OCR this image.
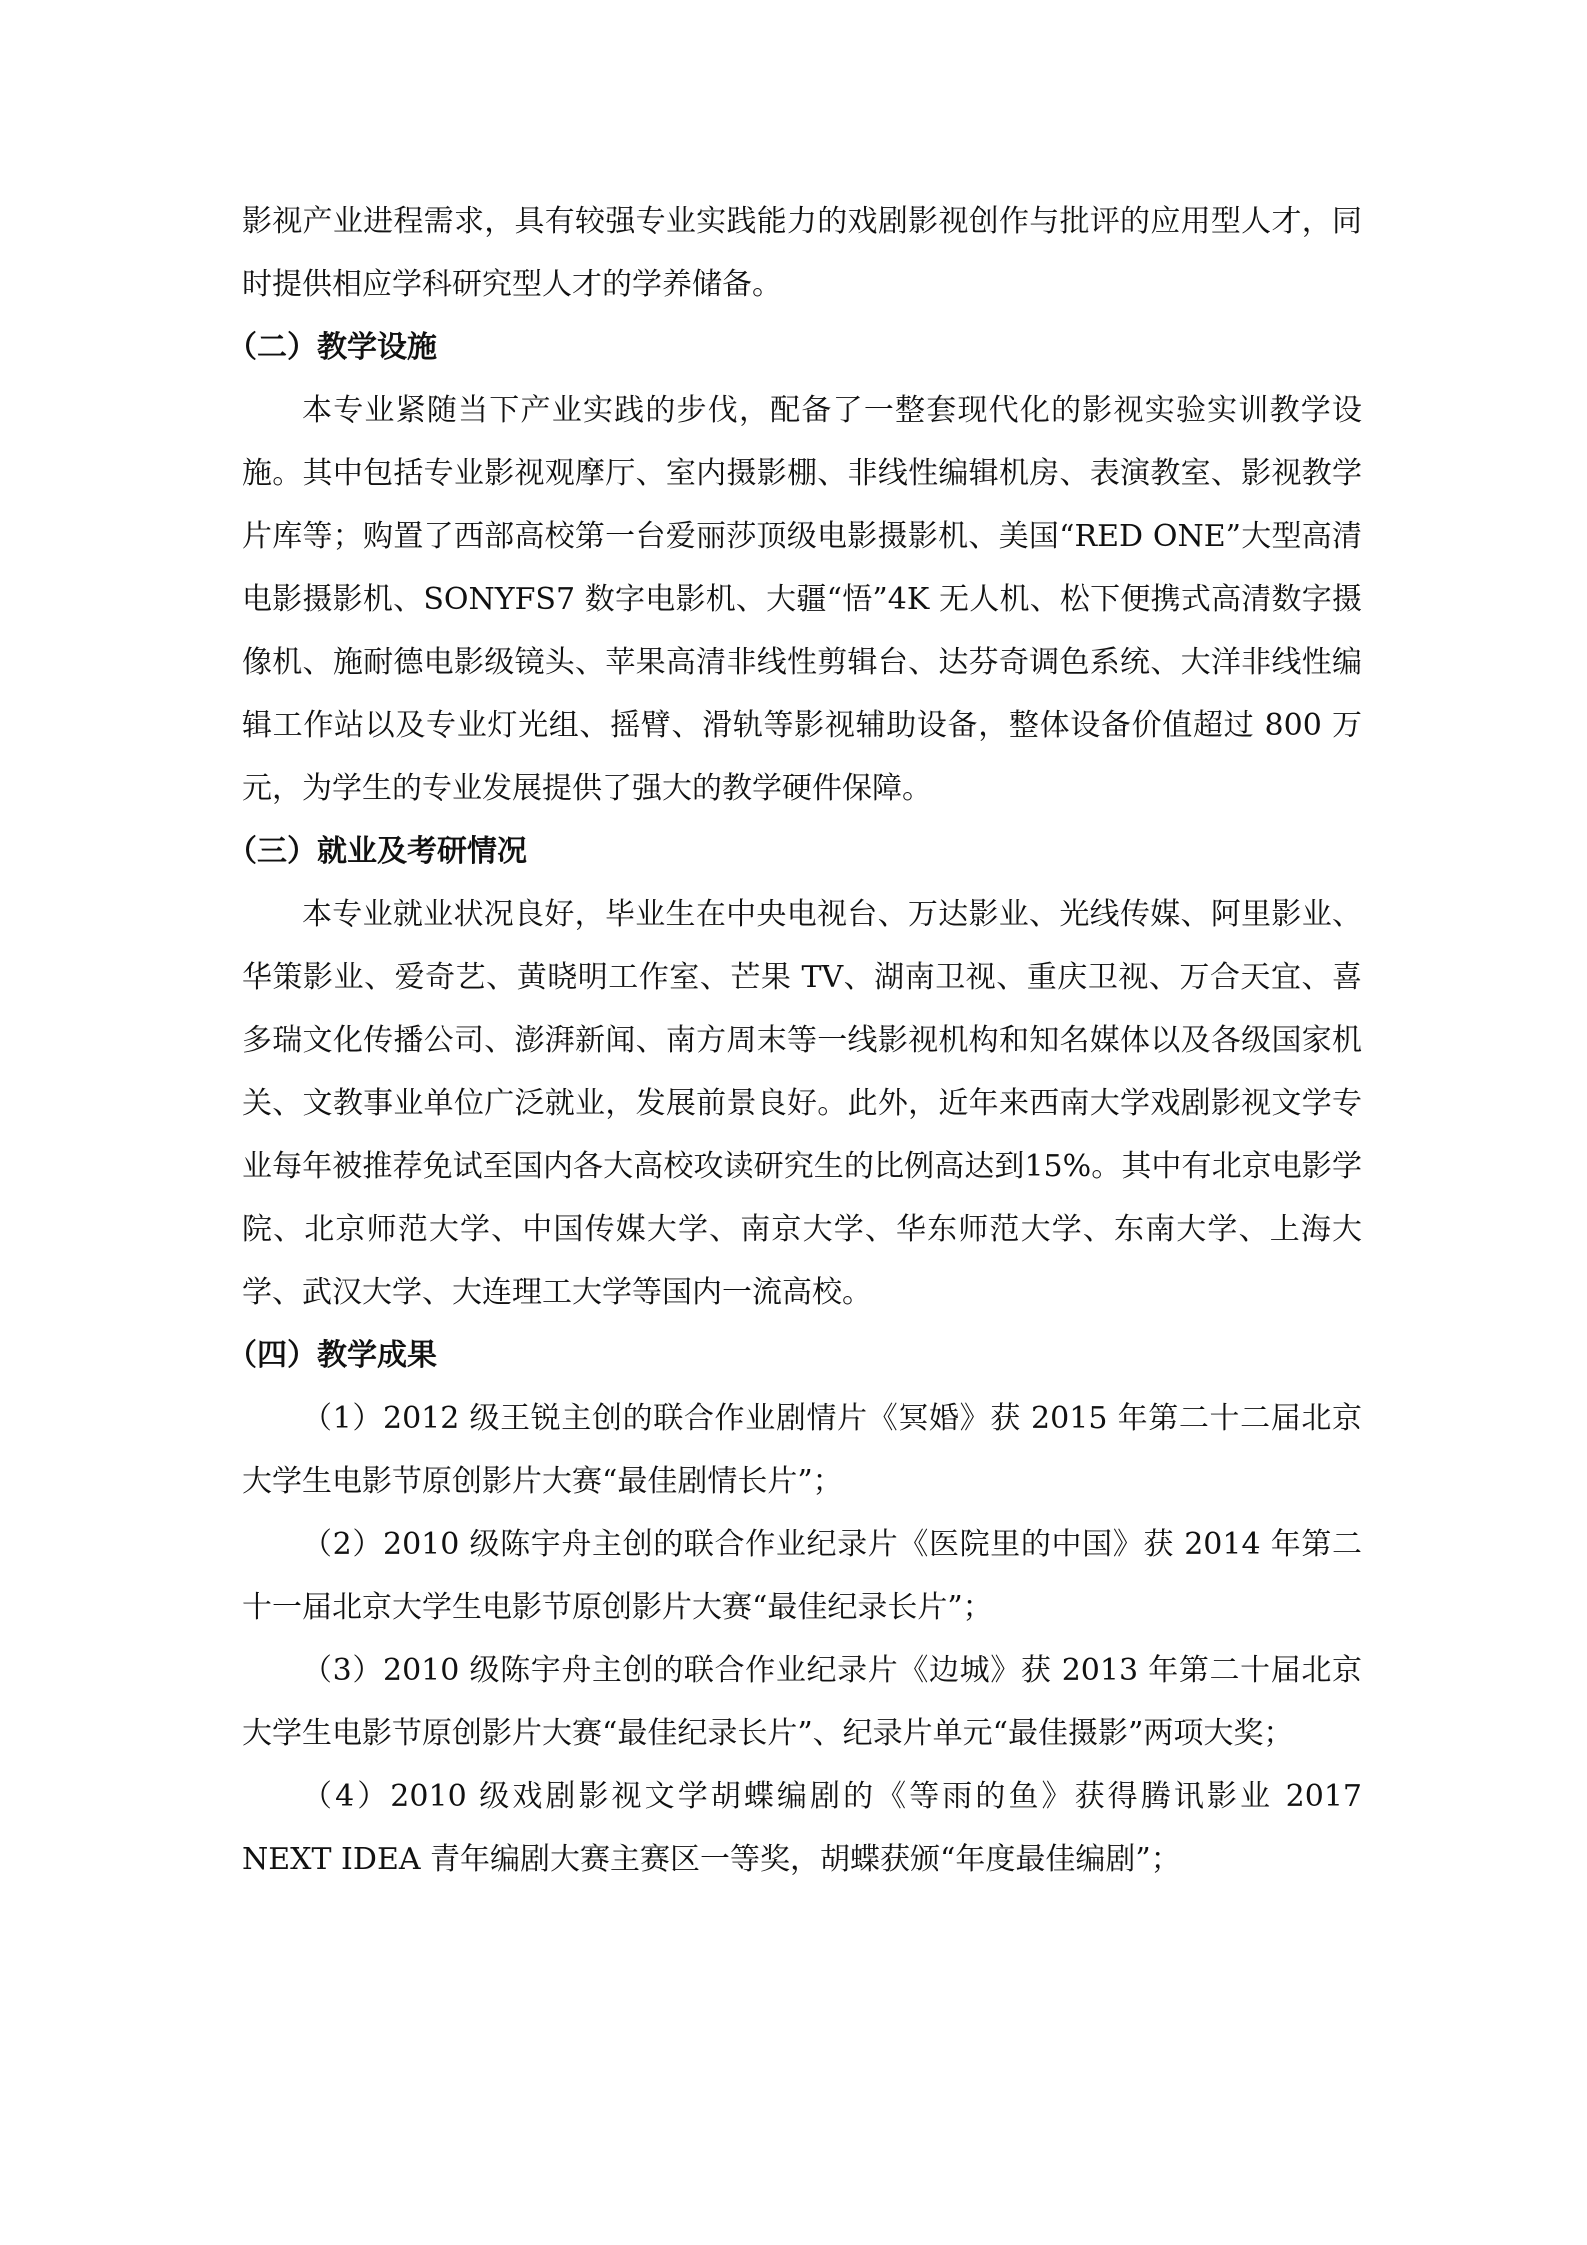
影视产业进程需求，具有较强专业实践能力的戏剧影视创作与批评的应用型人才，同时提供相应学科研究型人才的学养储备。

（二）教学设施

本专业紧随当下产业实践的步伐，配备了一整套现代化的影视实验实训教学设施。其中包括专业影视观摩厅、室内摄影棚、非线性编辑机房、表演教室、影视教学片库等；购置了西部高校第一台爱丽莎顶级电影摄影机、美国“RED ONE”大型高清电影摄影机、SONYFS7 数字电影机、大疆“悟”4K 无人机、松下便携式高清数字摄像机、施耐德电影级镜头、苹果高清非线性剪辑台、达芬奇调色系统、大洋非线性编辑工作站以及专业灯光组、摇臂、滑轨等影视辅助设备，整体设备价值超过 800 万元，为学生的专业发展提供了强大的教学硬件保障。

（三）就业及考研情况

本专业就业状况良好，毕业生在中央电视台、万达影业、光线传媒、阿里影业、华策影业、爱奇艺、黄晓明工作室、芒果 TV、湖南卫视、重庆卫视、万合天宜、喜多瑞文化传播公司、澎湃新闻、南方周末等一线影视机构和知名媒体以及各级国家机关、文教事业单位广泛就业，发展前景良好。此外，近年来西南大学戏剧影视文学专业每年被推荐免试至国内各大高校攻读研究生的比例高达到15%。其中有北京电影学院、北京师范大学、中国传媒大学、南京大学、华东师范大学、东南大学、上海大学、武汉大学、大连理工大学等国内一流高校。

（四）教学成果

（1）2012 级王锐主创的联合作业剧情片《冥婚》获 2015 年第二十二届北京大学生电影节原创影片大赛“最佳剧情长片”；

（2）2010 级陈宇舟主创的联合作业纪录片《医院里的中国》获 2014 年第二十一届北京大学生电影节原创影片大赛“最佳纪录长片”；

（3）2010 级陈宇舟主创的联合作业纪录片《边城》获 2013 年第二十届北京大学生电影节原创影片大赛“最佳纪录长片”、纪录片单元“最佳摄影”两项大奖；

（4）2010 级戏剧影视文学胡蝶编剧的《等雨的鱼》获得腾讯影业 2017 NEXT IDEA 青年编剧大赛主赛区一等奖，胡蝶获颁“年度最佳编剧”；
